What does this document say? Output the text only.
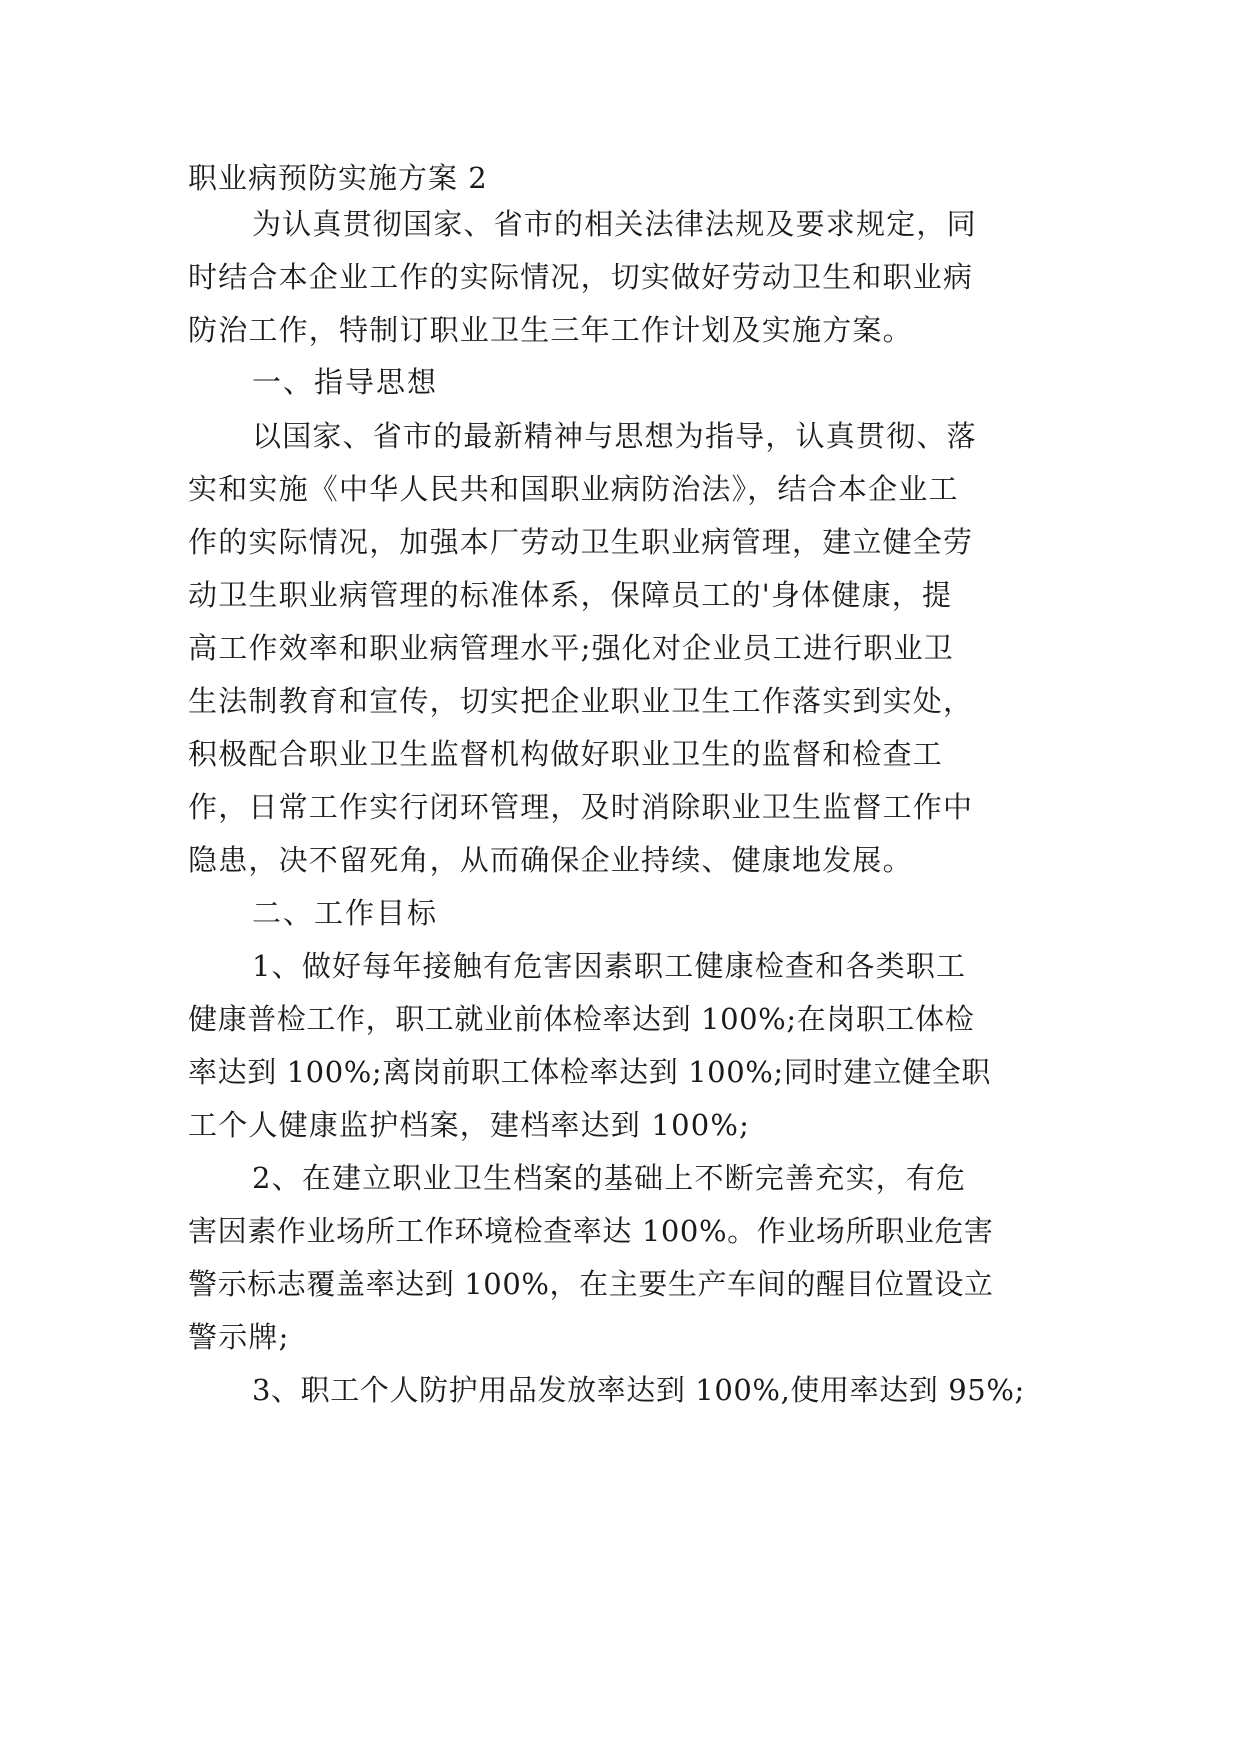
职业病预防实施方案 2
为认真贯彻国家、省市的相关法律法规及要求规定，同
时结合本企业工作的实际情况，切实做好劳动卫生和职业病
防治工作，特制订职业卫生三年工作计划及实施方案。
一、指导思想
以国家、省市的最新精神与思想为指导，认真贯彻、落
实和实施《中华人民共和国职业病防治法》，结合本企业工
作的实际情况，加强本厂劳动卫生职业病管理，建立健全劳
动卫生职业病管理的标准体系，保障员工的'身体健康，提
高工作效率和职业病管理水平;强化对企业员工进行职业卫
生法制教育和宣传，切实把企业职业卫生工作落实到实处，
积极配合职业卫生监督机构做好职业卫生的监督和检查工
作，日常工作实行闭环管理，及时消除职业卫生监督工作中
隐患，决不留死角，从而确保企业持续、健康地发展。
二、工作目标
1、做好每年接触有危害因素职工健康检查和各类职工
健康普检工作，职工就业前体检率达到 100%;在岗职工体检
率达到 100%;离岗前职工体检率达到 100%;同时建立健全职
工个人健康监护档案，建档率达到 100%;
2、在建立职业卫生档案的基础上不断完善充实，有危
害因素作业场所工作环境检查率达 100%。作业场所职业危害
警示标志覆盖率达到 100%，在主要生产车间的醒目位置设立
警示牌;
3、职工个人防护用品发放率达到 100%,使用率达到 95%;
